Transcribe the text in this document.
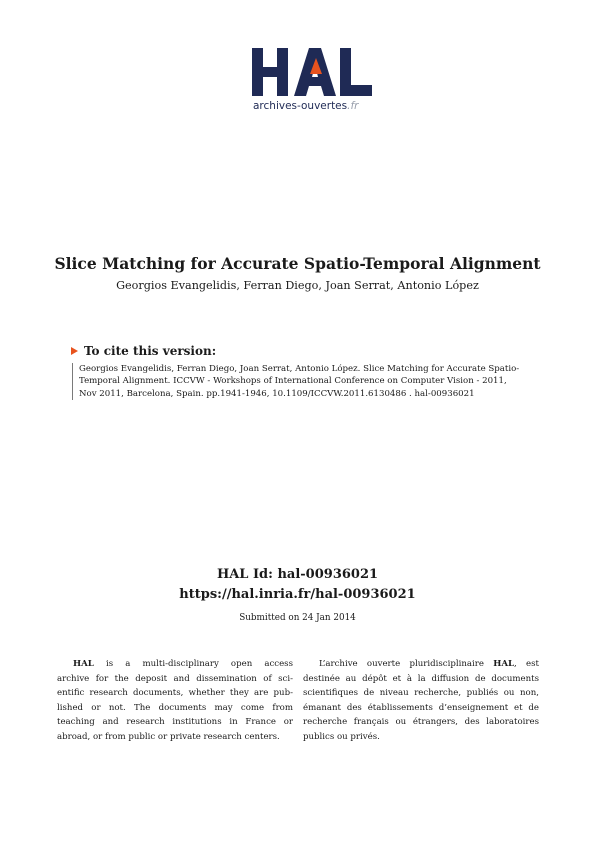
archives-ouvertes.fr
Slice Matching for Accurate Spatio-Temporal Alignment
Georgios Evangelidis, Ferran Diego, Joan Serrat, Antonio López
To cite this version:
Georgios Evangelidis, Ferran Diego, Joan Serrat, Antonio López. Slice Matching for Accurate Spatio-
Temporal Alignment. ICCVW - Workshops of International Conference on Computer Vision - 2011,
Nov 2011, Barcelona, Spain. pp.1941-1946, 10.1109/ICCVW.2011.6130486 . hal-00936021
HAL Id: hal-00936021
https://hal.inria.fr/hal-00936021
Submitted on 24 Jan 2014
HAL is a multi-disciplinary open access
archive for the deposit and dissemination of sci-
entific research documents, whether they are pub-
lished or not. The documents may come from
teaching and research institutions in France or
abroad, or from public or private research centers.
L’archive ouverte pluridisciplinaire HAL, est
destinée au dépôt et à la diffusion de documents
scientifiques de niveau recherche, publiés ou non,
émanant des établissements d’enseignement et de
recherche français ou étrangers, des laboratoires
publics ou privés.
